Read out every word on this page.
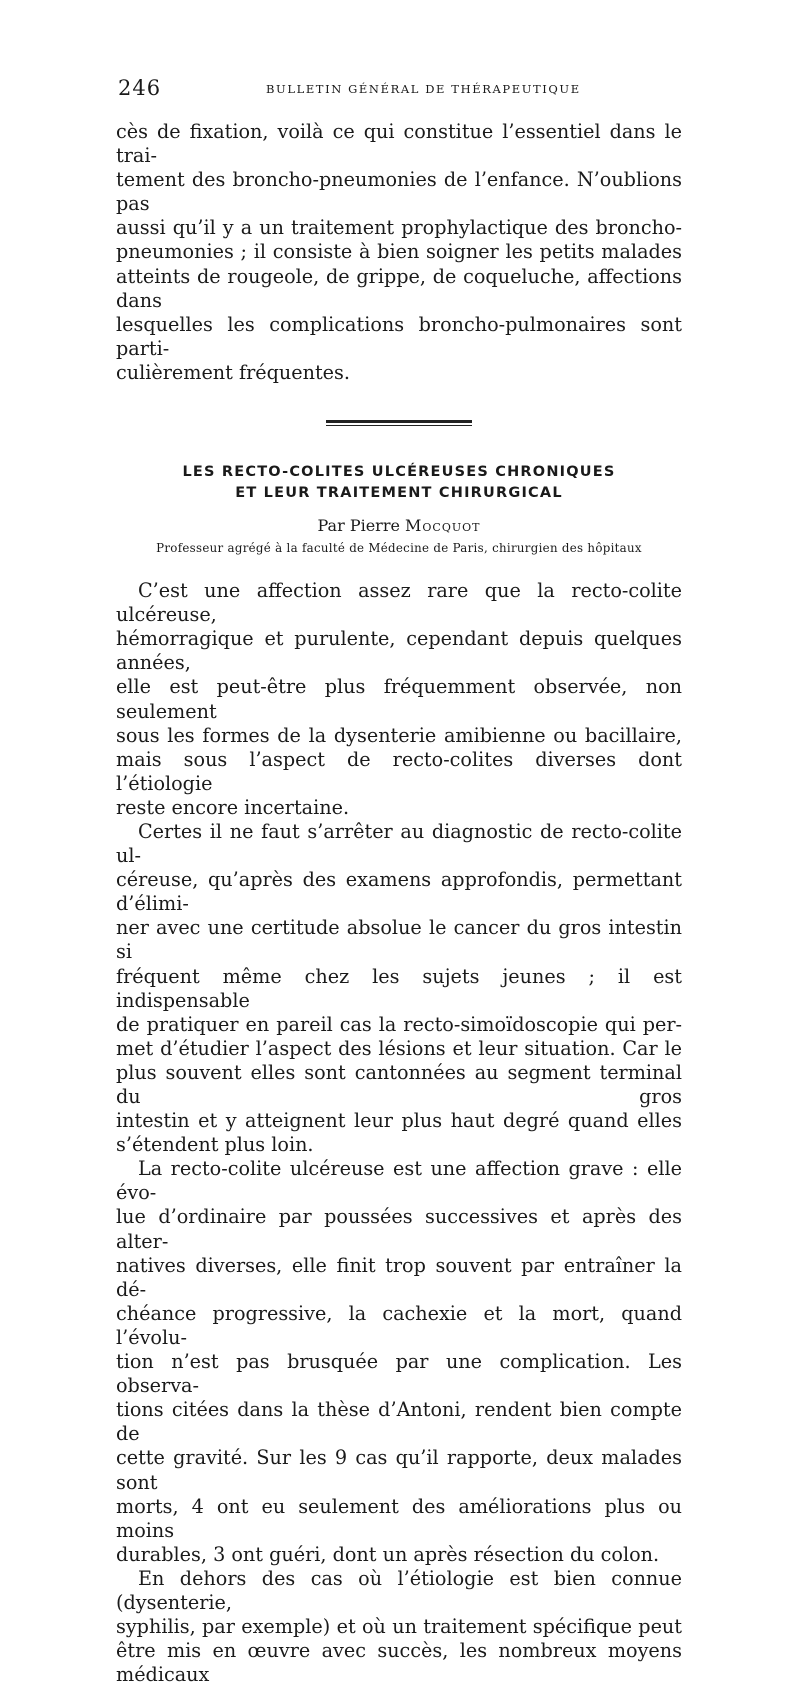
246	BULLETIN GÉNÉRAL DE THÉRAPEUTIQUE

cès de fixation, voilà ce qui constitue l’essentiel dans le trai-

tement des broncho-pneumonies de l’enfance. N’oublions pas

aussi qu’il y a un traitement prophylactique des broncho-

pneumonies ; il consiste à bien soigner les petits malades

atteints de rougeole, de grippe, de coqueluche, affections dans

lesquelles les complications broncho-pulmonaires sont parti-

culièrement fréquentes.

LES RECTO-COLITES ULCÉREUSES CHRONIQUES
ET LEUR TRAITEMENT CHIRURGICAL
Par Pierre Mocquot
Professeur agrégé à la faculté de Médecine de Paris, chirurgien des hôpitaux

C’est une affection assez rare que la recto-colite ulcéreuse,

hémorragique et purulente, cependant depuis quelques années,

elle est peut-être plus fréquemment observée, non seulement

sous les formes de la dysenterie amibienne ou bacillaire,

mais sous l’aspect de recto-colites diverses dont l’étiologie

reste encore incertaine.

Certes il ne faut s’arrêter au diagnostic de recto-colite ul-

céreuse, qu’après des examens approfondis, permettant d’élimi-

ner avec une certitude absolue le cancer du gros intestin si

fréquent même chez les sujets jeunes ; il est indispensable

de pratiquer en pareil cas la recto-simoïdoscopie qui per-

met d’étudier l’aspect des lésions et leur situation. Car le

plus souvent elles sont cantonnées au segment terminal du gros

intestin et y atteignent leur plus haut degré quand elles

s’étendent plus loin.

La recto-colite ulcéreuse est une affection grave : elle évo-

lue d’ordinaire par poussées successives et après des alter-

natives diverses, elle finit trop souvent par entraîner la dé-

chéance progressive, la cachexie et la mort, quand l’évolu-

tion n’est pas brusquée par une complication. Les observa-

tions citées dans la thèse d’Antoni, rendent bien compte de

cette gravité. Sur les 9 cas qu’il rapporte, deux malades sont

morts, 4 ont eu seulement des améliorations plus ou moins

durables, 3 ont guéri, dont un après résection du colon.

En dehors des cas où l’étiologie est bien connue (dysenterie,

syphilis, par exemple) et où un traitement spécifique peut

être mis en œuvre avec succès, les nombreux moyens médicaux
